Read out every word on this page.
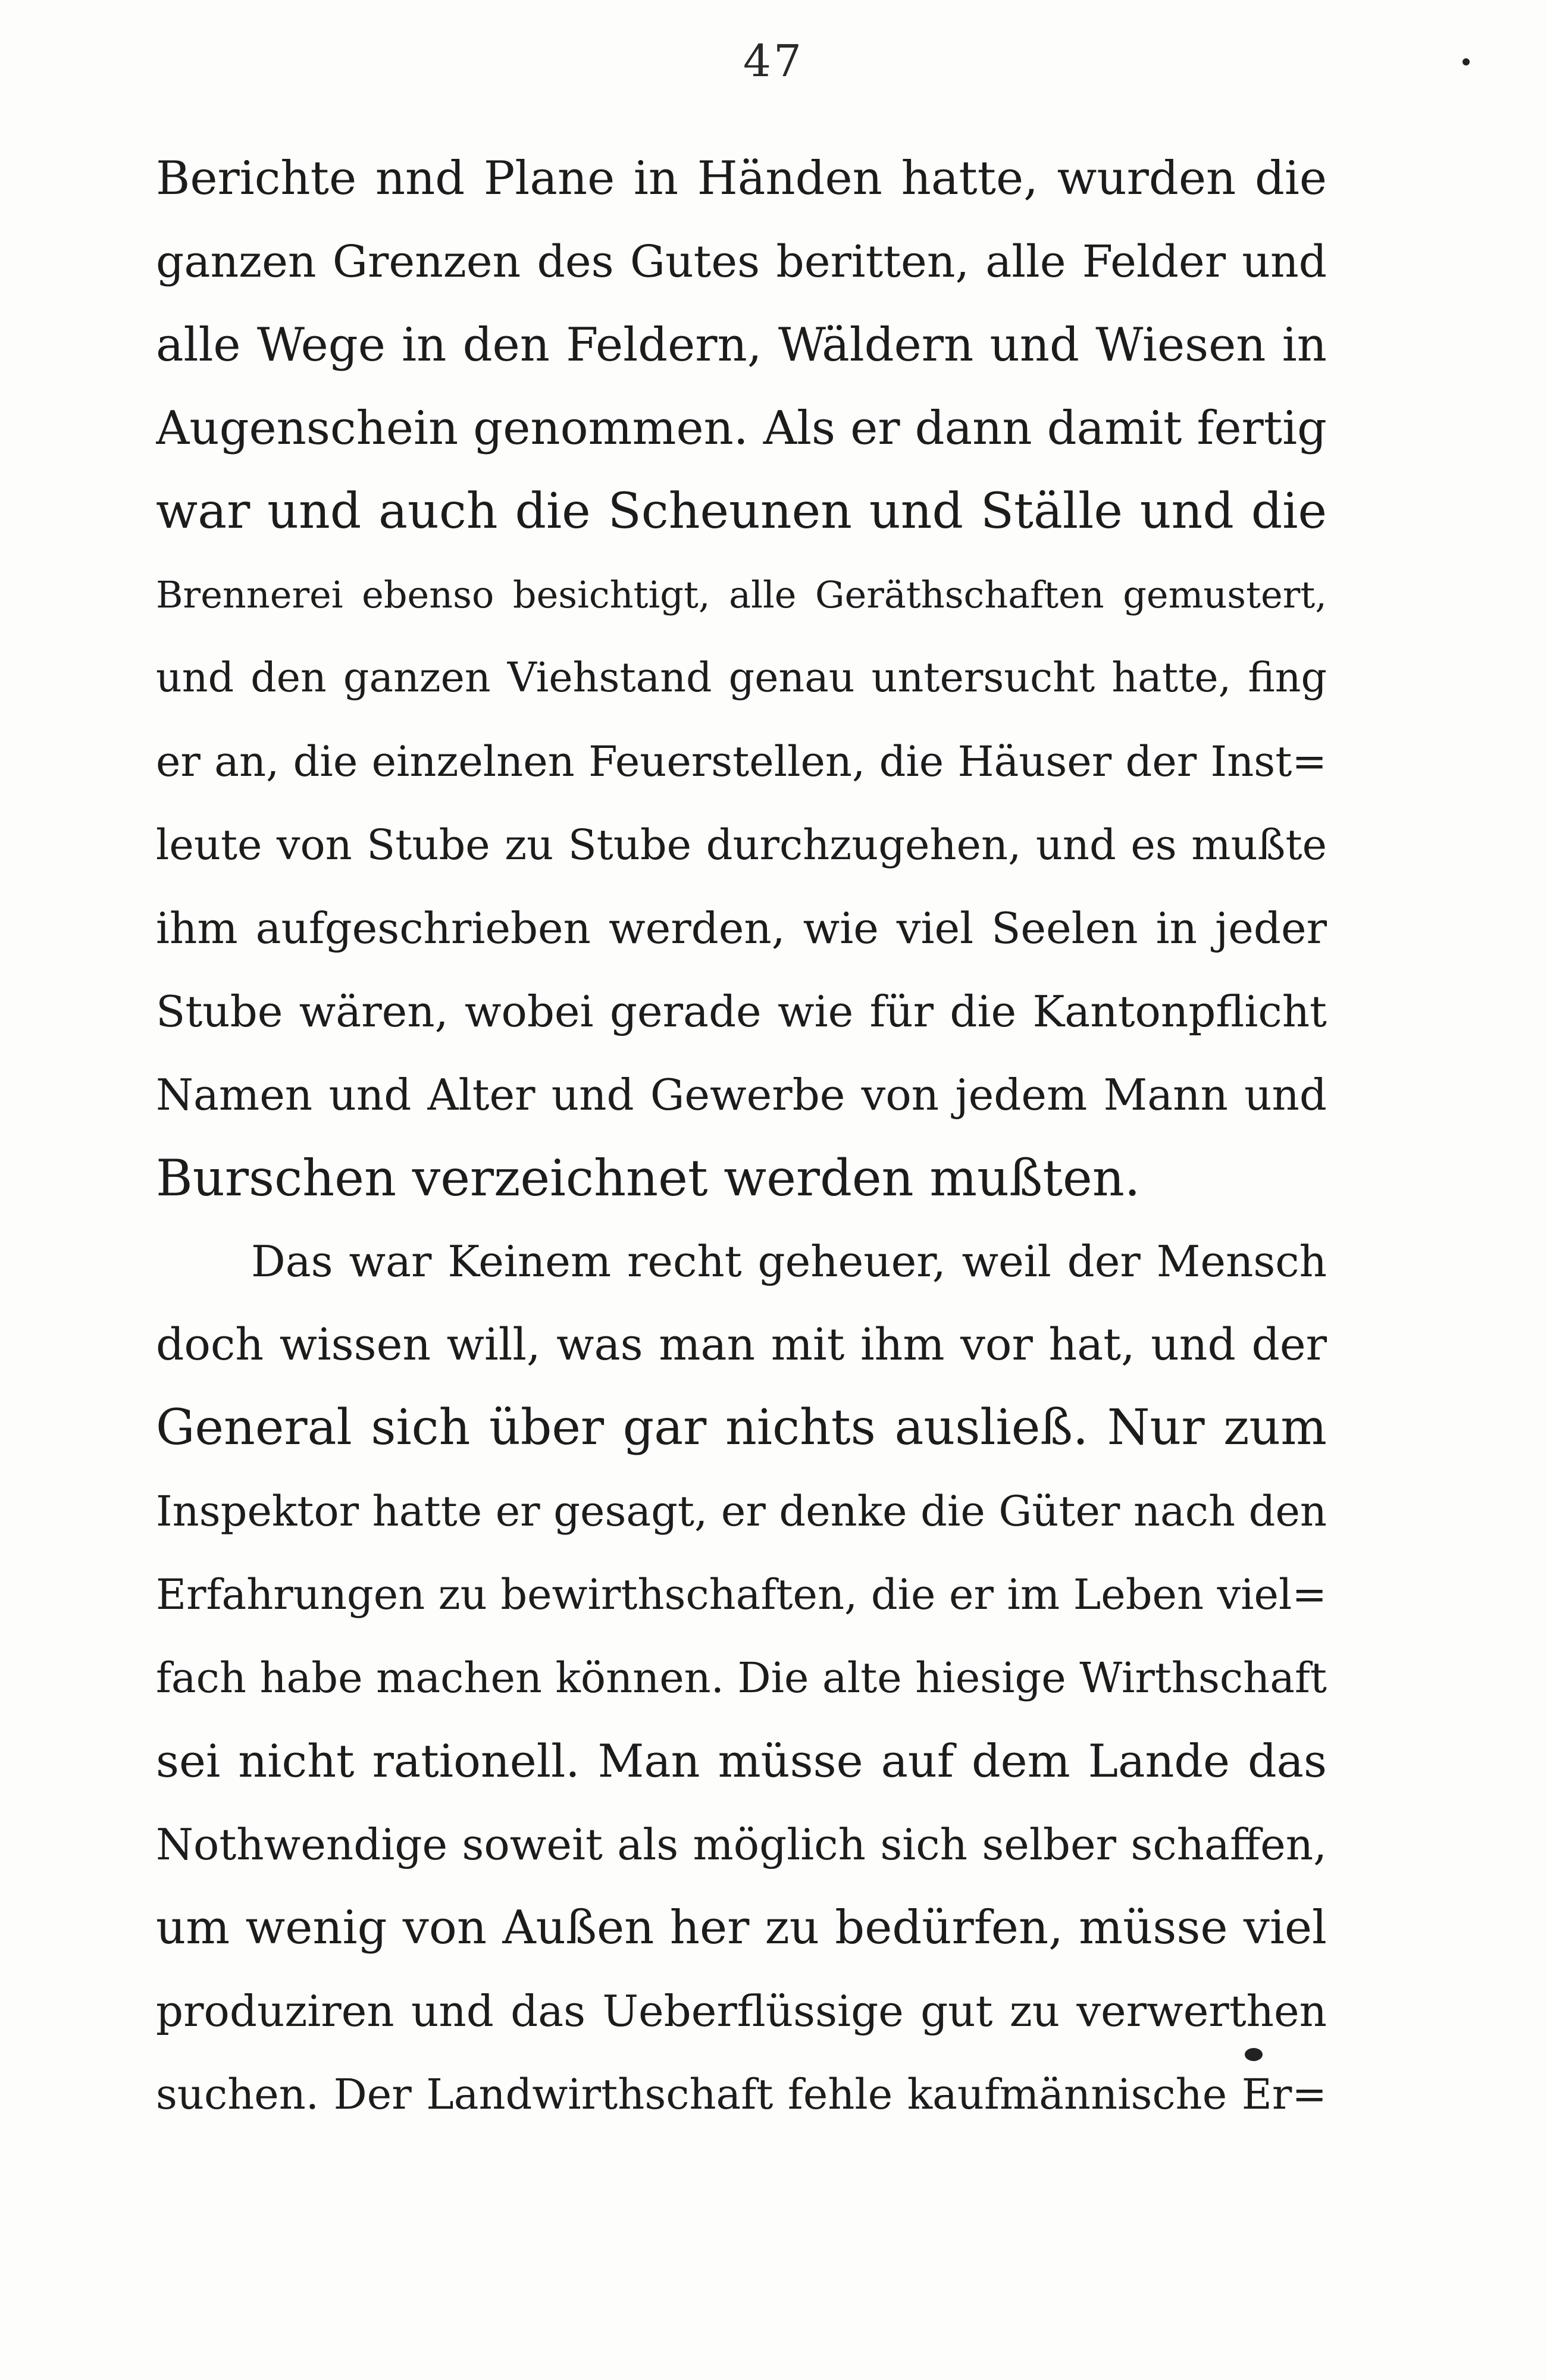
47
Berichte nnd Plane in Händen hatte, wurden die
ganzen Grenzen des Gutes beritten, alle Felder und
alle Wege in den Feldern, Wäldern und Wiesen in
Augenschein genommen. Als er dann damit fertig
war und auch die Scheunen und Ställe und die
Brennerei ebenso besichtigt, alle Geräthschaften gemustert,
und den ganzen Viehstand genau untersucht hatte, fing
er an, die einzelnen Feuerstellen, die Häuser der Inst=
leute von Stube zu Stube durchzugehen, und es mußte
ihm aufgeschrieben werden, wie viel Seelen in jeder
Stube wären, wobei gerade wie für die Kantonpflicht
Namen und Alter und Gewerbe von jedem Mann und
Burschen verzeichnet werden mußten.
Das war Keinem recht geheuer, weil der Mensch
doch wissen will, was man mit ihm vor hat, und der
General sich über gar nichts ausließ. Nur zum
Inspektor hatte er gesagt, er denke die Güter nach den
Erfahrungen zu bewirthschaften, die er im Leben viel=
fach habe machen können. Die alte hiesige Wirthschaft
sei nicht rationell. Man müsse auf dem Lande das
Nothwendige soweit als möglich sich selber schaffen,
um wenig von Außen her zu bedürfen, müsse viel
produziren und das Ueberflüssige gut zu verwerthen
suchen. Der Landwirthschaft fehle kaufmännische Er=
